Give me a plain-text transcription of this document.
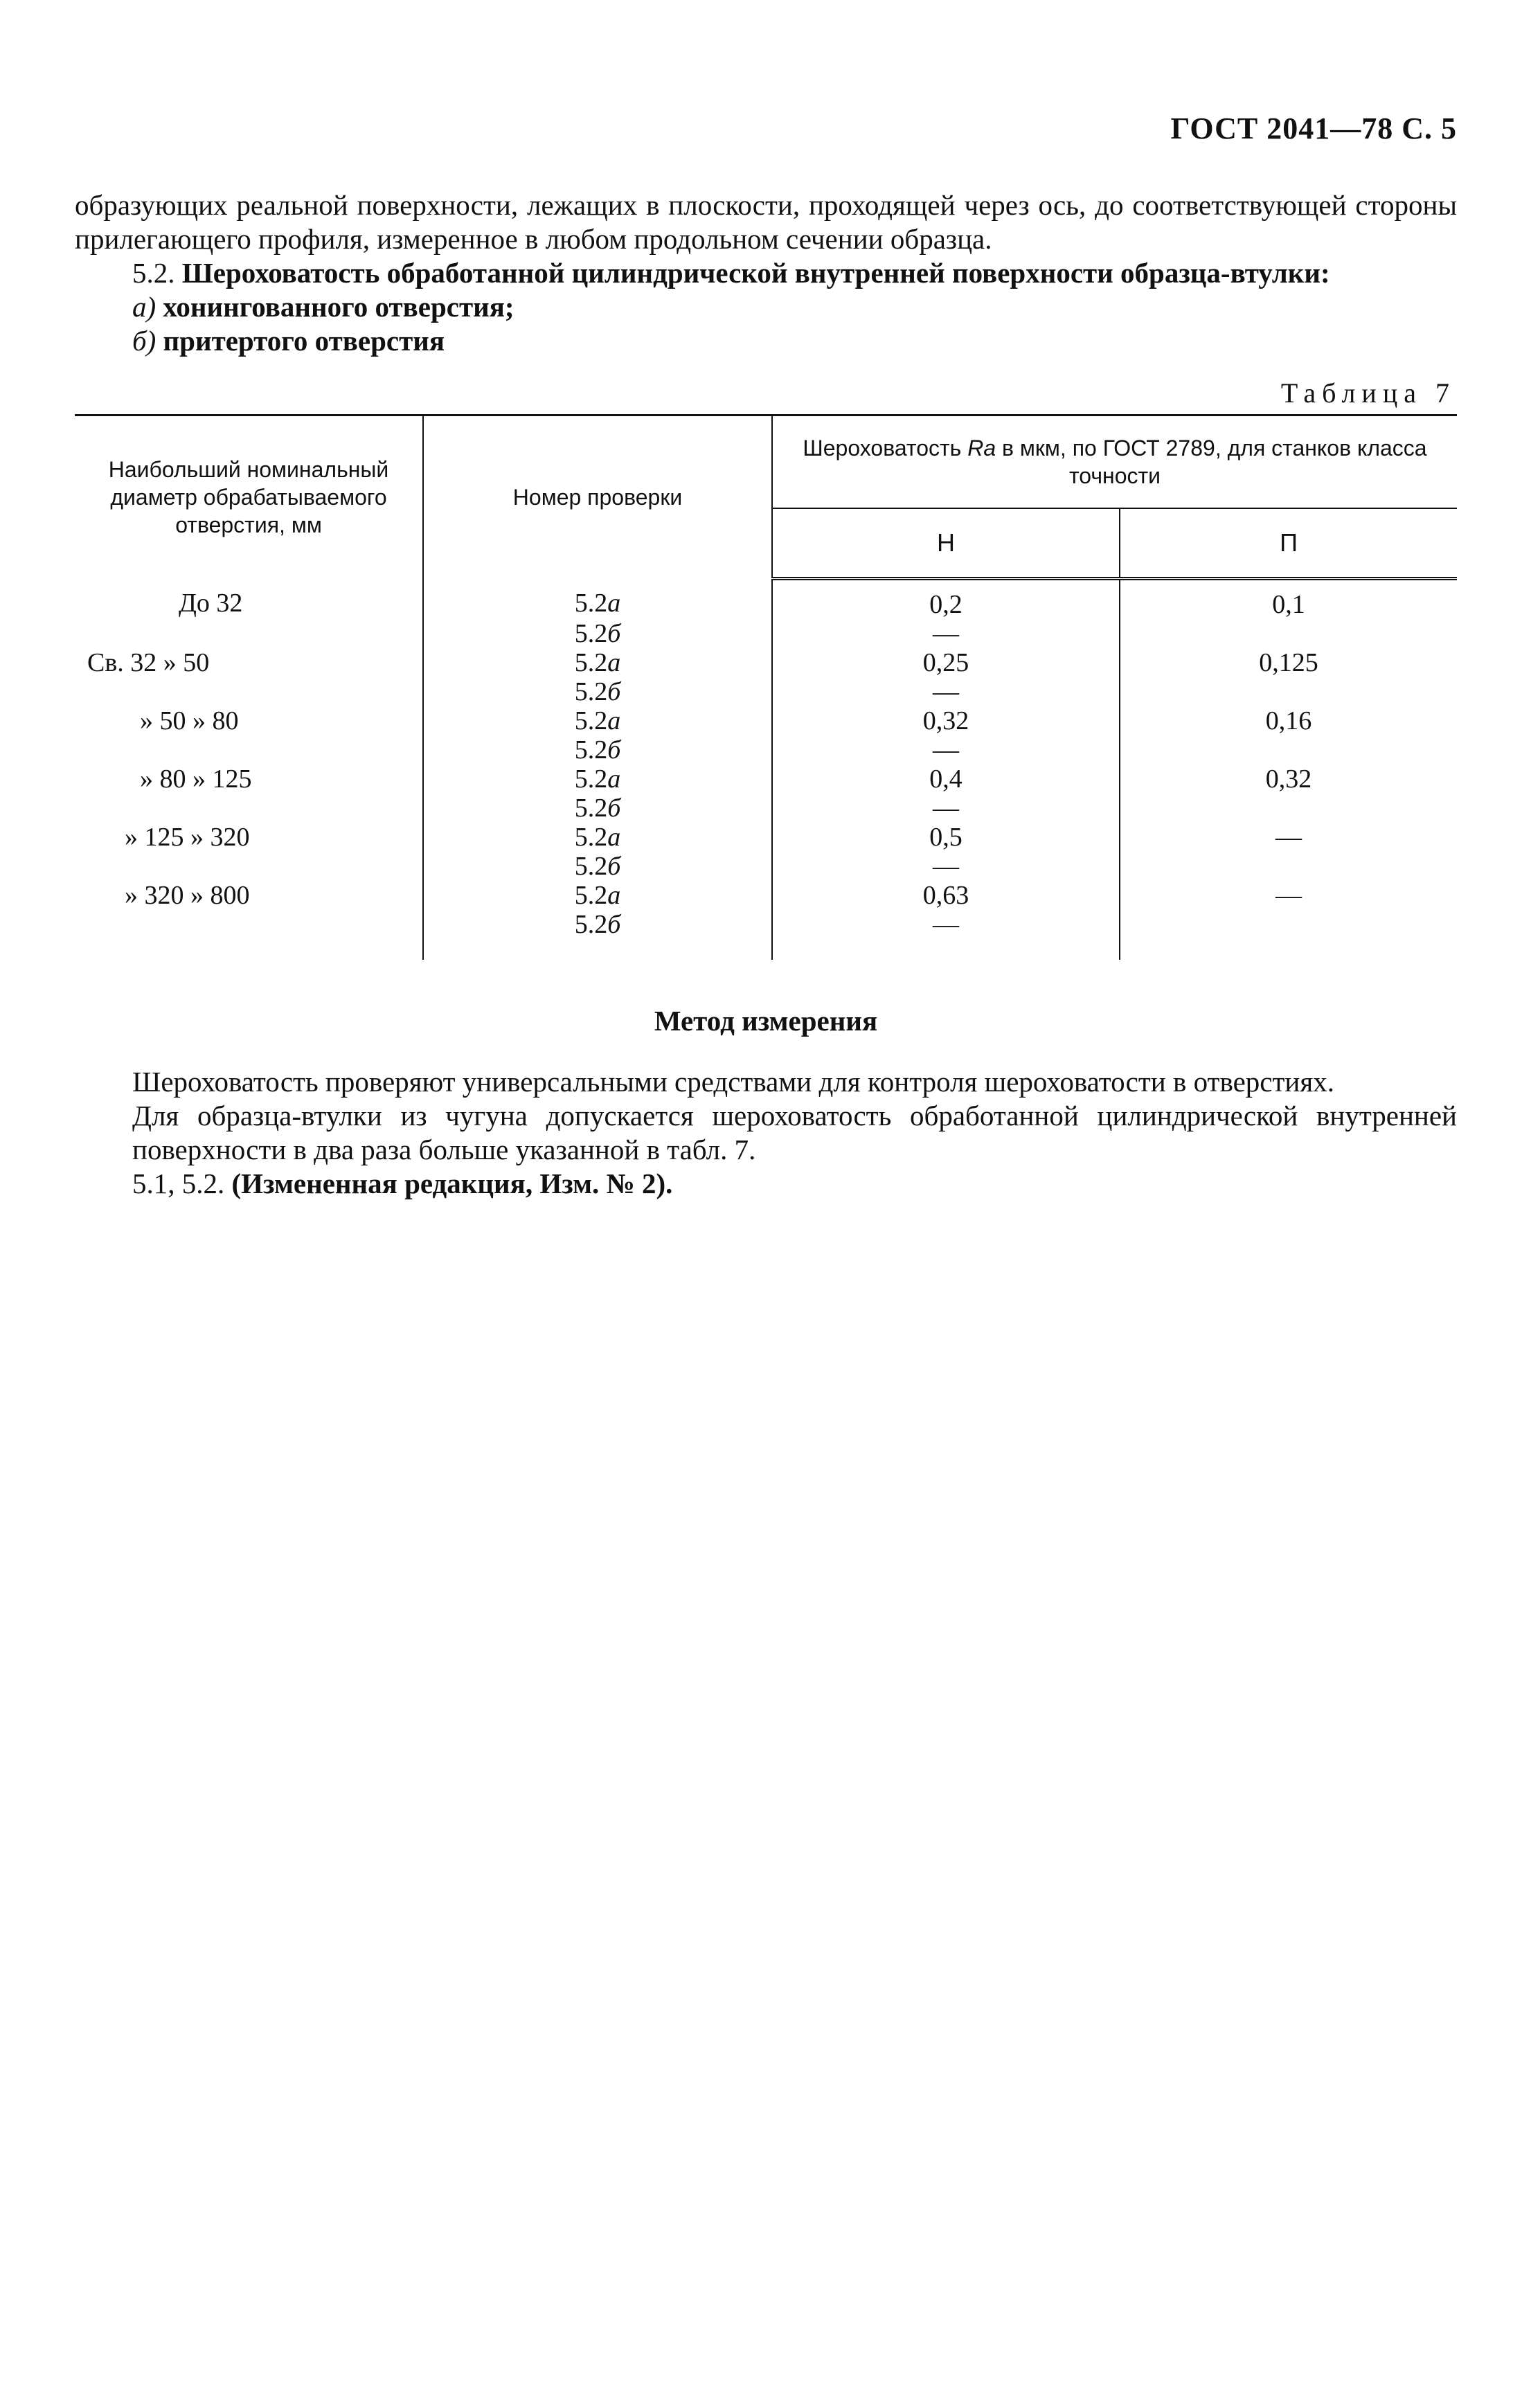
ГОСТ 2041—78 С. 5

образующих реальной поверхности, лежащих в плоскости, проходящей через ось, до соответствующей стороны прилегающего профиля, измеренное в любом продольном сечении образца.

5.2. Шероховатость обработанной цилиндрической внутренней поверхности образца-втулки:

а) хонингованного отверстия;

б) притертого отверстия

Таблица 7
Наибольший номинальный диаметр обрабатываемого отверстия, мм	Номер проверки	Шероховатость Ra в мкм, по ГОСТ 2789, для станков класса точности	
		Н	П
До 32	5.2а	0,2	0,1
	5.2б	—	
Св. 32 » 50	5.2а	0,25	0,125
	5.2б	—	
» 50 » 80	5.2а	0,32	0,16
	5.2б	—	
» 80 » 125	5.2а	0,4	0,32
	5.2б	—	
» 125 » 320	5.2а	0,5	—
	5.2б	—	
» 320 » 800	5.2а	0,63	—
	5.2б	—	
Метод измерения

Шероховатость проверяют универсальными средствами для контроля шероховатости в отверстиях.

Для образца-втулки из чугуна допускается шероховатость обработанной цилиндрической внутренней поверхности в два раза больше указанной в табл. 7.

5.1, 5.2. (Измененная редакция, Изм. № 2).
